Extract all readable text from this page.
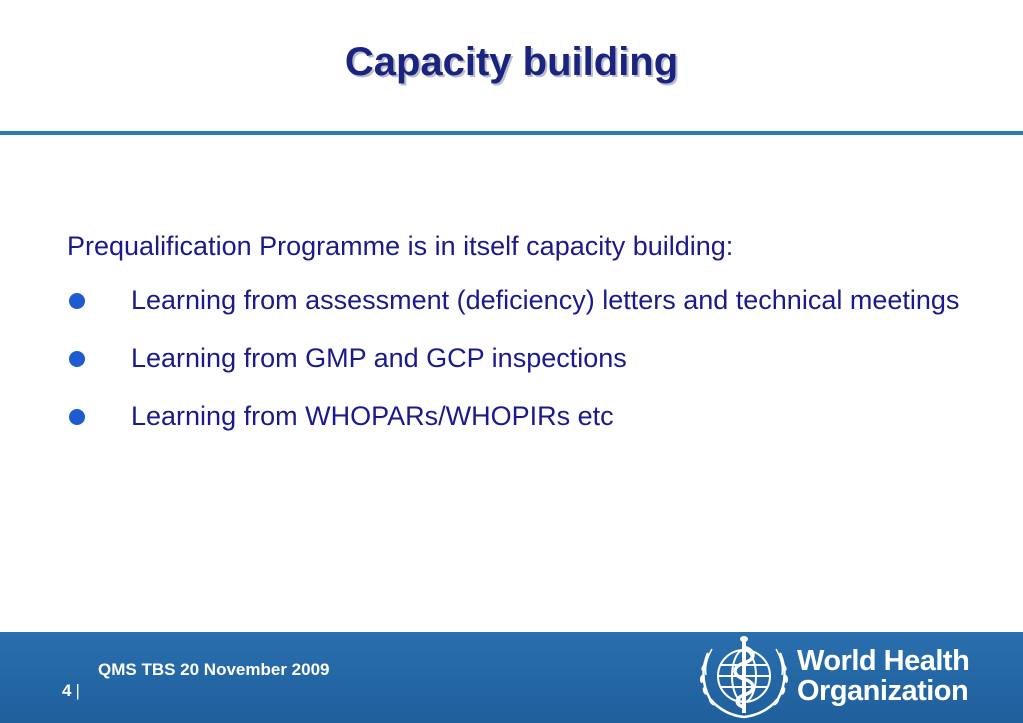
Capacity building

Prequalification Programme is in itself capacity building:

Learning from assessment (deficiency) letters and technical meetings
Learning from GMP and GCP inspections
Learning from WHOPARs/WHOPIRs etc
QMS TBS 20 November 2009
4 |
World Health
Organization
